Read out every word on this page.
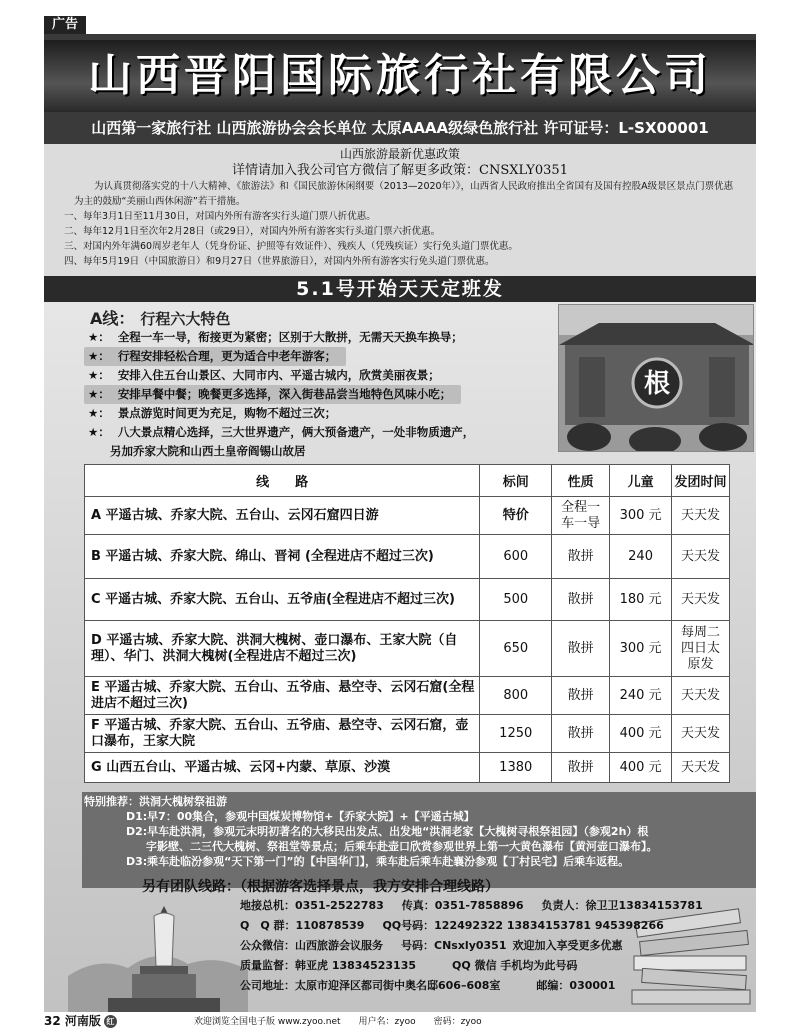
广告
山西晋阳国际旅行社有限公司
山西第一家旅行社 山西旅游协会会长单位 太原AAAA级绿色旅行社 许可证号：L-SX00001
山西旅游最新优惠政策
详情请加入我公司官方微信了解更多政策：CNSXLY0351
为认真贯彻落实党的十八大精神、《旅游法》和《国民旅游休闲纲要（2013—2020年）》，山西省人民政府推出全省国有及国有控股A级景区景点门票优惠为主的鼓励“美丽山西休闲游”若干措施。
一、每年3月1日至11月30日，对国内外所有游客实行头道门票八折优惠。
二、每年12月1日至次年2月28日（或29日），对国内外所有游客实行头道门票六折优惠。
三、对国内外年满60周岁老年人（凭身份证、护照等有效证件）、残疾人（凭残疾证）实行免头道门票优惠。
四、每年5月19日（中国旅游日）和9月27日（世界旅游日），对国内外所有游客实行免头道门票优惠。
5.1号开始天天定班发
A线： 行程六大特色
★： 全程一车一导，衔接更为紧密；区别于大散拼，无需天天换车换导；
★： 行程安排轻松合理，更为适合中老年游客；
★： 安排入住五台山景区、大同市内、平遥古城内，欣赏美丽夜景；
★： 安排早餐中餐；晚餐更多选择，深入街巷品尝当地特色风味小吃；
★： 景点游览时间更为充足，购物不超过三次；
★： 八大景点精心选择，三大世界遗产，俩大预备遗产，一处非物质遗产，
另加乔家大院和山西土皇帝阎锡山故居
根
线　　路	标间	性质	儿童	发团时间
A 平遥古城、乔家大院、五台山、云冈石窟四日游	特价	全程一车一导	300 元	天天发
B 平遥古城、乔家大院、绵山、晋祠 (全程进店不超过三次)	600	散拼	240	天天发
C 平遥古城、乔家大院、五台山、五爷庙(全程进店不超过三次)	500	散拼	180 元	天天发
D 平遥古城、乔家大院、洪洞大槐树、壶口瀑布、王家大院（自理）、华门、洪洞大槐树(全程进店不超过三次)	650	散拼	300 元	每周二四日太原发
E 平遥古城、乔家大院、五台山、五爷庙、悬空寺、云冈石窟(全程进店不超过三次)	800	散拼	240 元	天天发
F 平遥古城、乔家大院、五台山、五爷庙、悬空寺、云冈石窟，壶口瀑布，王家大院	1250	散拼	400 元	天天发
G 山西五台山、平遥古城、云冈+内蒙、草原、沙漠	1380	散拼	400 元	天天发
特别推荐：洪洞大槐树祭祖游
D1:早7：00集合，参观中国煤炭博物馆+【乔家大院】+【平遥古城】
D2:早车赴洪洞，参观元末明初著名的大移民出发点、出发地“洪洞老家【大槐树寻根祭祖园】（参观2h）根
字影壁、二三代大槐树、祭祖堂等景点；后乘车赴壶口欣赏参观世界上第一大黄色瀑布【黄河壶口瀑布】。
D3:乘车赴临汾参观“天下第一门”的【中国华门】，乘车赴后乘车赴襄汾参观【丁村民宅】后乘车返程。
另有团队线路：（根据游客选择景点，我方安排合理线路）
地接总机：0351-2522783 传真：0351-7858896 负责人：徐卫卫13834153781
Q　Q 群：110878539 QQ号码：122492322 13834153781 945398266
公众微信：山西旅游会议服务 号码：CNsxly0351 欢迎加入享受更多优惠
质量监督：韩亚虎 13834523135	QQ 微信 手机均为此号码
公司地址：太原市迎泽区都司街中奥名邸606–608室	邮编：030001
32 河南版 红	欢迎浏览全国电子版 www.zyoo.net　　用户名：zyoo　　密码：zyoo
